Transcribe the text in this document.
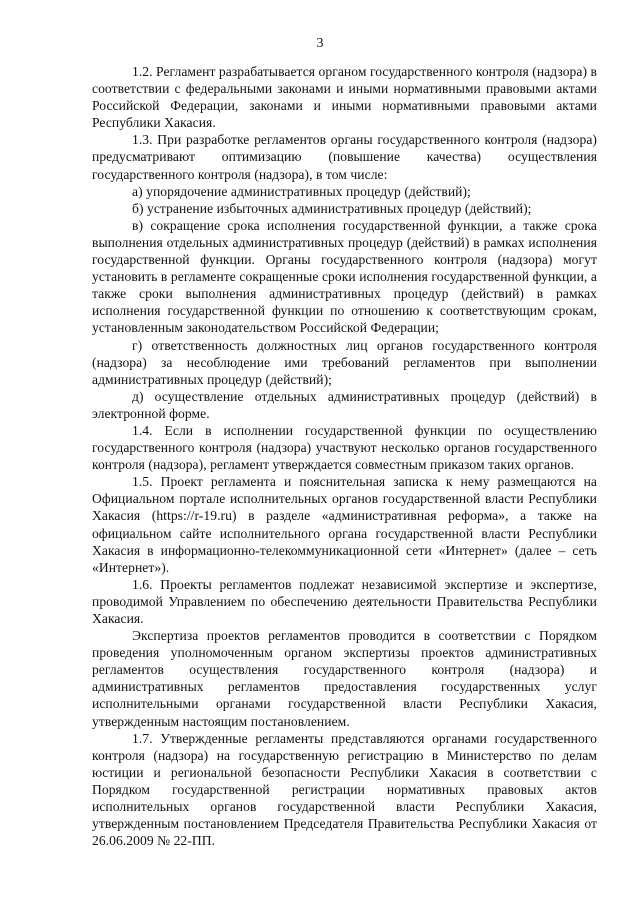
3

1.2. Регламент разрабатывается органом государственного контроля (надзора) в соответствии с федеральными законами и иными нормативными правовыми актами Российской Федерации, законами и иными нормативными правовыми актами Республики Хакасия.

1.3. При разработке регламентов органы государственного контроля (надзора) предусматривают оптимизацию (повышение качества) осуществления государственного контроля (надзора), в том числе:

а) упорядочение административных процедур (действий);

б) устранение избыточных административных процедур (действий);

в) сокращение срока исполнения государственной функции, а также срока выполнения отдельных административных процедур (действий) в рамках исполнения государственной функции. Органы государственного контроля (надзора) могут установить в регламенте сокращенные сроки исполнения государственной функции, а также сроки выполнения административных процедур (действий) в рамках исполнения государственной функции по отношению к соответствующим срокам, установленным законодательством Российской Федерации;

г) ответственность должностных лиц органов государственного контроля (надзора) за несоблюдение ими требований регламентов при выполнении административных процедур (действий);

д) осуществление отдельных административных процедур (действий) в электронной форме.

1.4. Если в исполнении государственной функции по осуществлению государственного контроля (надзора) участвуют несколько органов государственного контроля (надзора), регламент утверждается совместным приказом таких органов.

1.5. Проект регламента и пояснительная записка к нему размещаются на Официальном портале исполнительных органов государственной власти Республики Хакасия (https://r-19.ru) в разделе «административная реформа», а также на официальном сайте исполнительного органа государственной власти Республики Хакасия в информационно-телекоммуникационной сети «Интернет» (далее – сеть «Интернет»).

1.6. Проекты регламентов подлежат независимой экспертизе и экспертизе, проводимой Управлением по обеспечению деятельности Правительства Республики Хакасия.

Экспертиза проектов регламентов проводится в соответствии с Порядком проведения уполномоченным органом экспертизы проектов административных регламентов осуществления государственного контроля (надзора) и административных регламентов предоставления государственных услуг исполнительными органами государственной власти Республики Хакасия, утвержденным настоящим постановлением.

1.7. Утвержденные регламенты представляются органами государственного контроля (надзора) на государственную регистрацию в Министерство по делам юстиции и региональной безопасности Республики Хакасия в соответствии с Порядком государственной регистрации нормативных правовых актов исполнительных органов государственной власти Республики Хакасия, утвержденным постановлением Председателя Правительства Республики Хакасия от 26.06.2009 № 22-ПП.
